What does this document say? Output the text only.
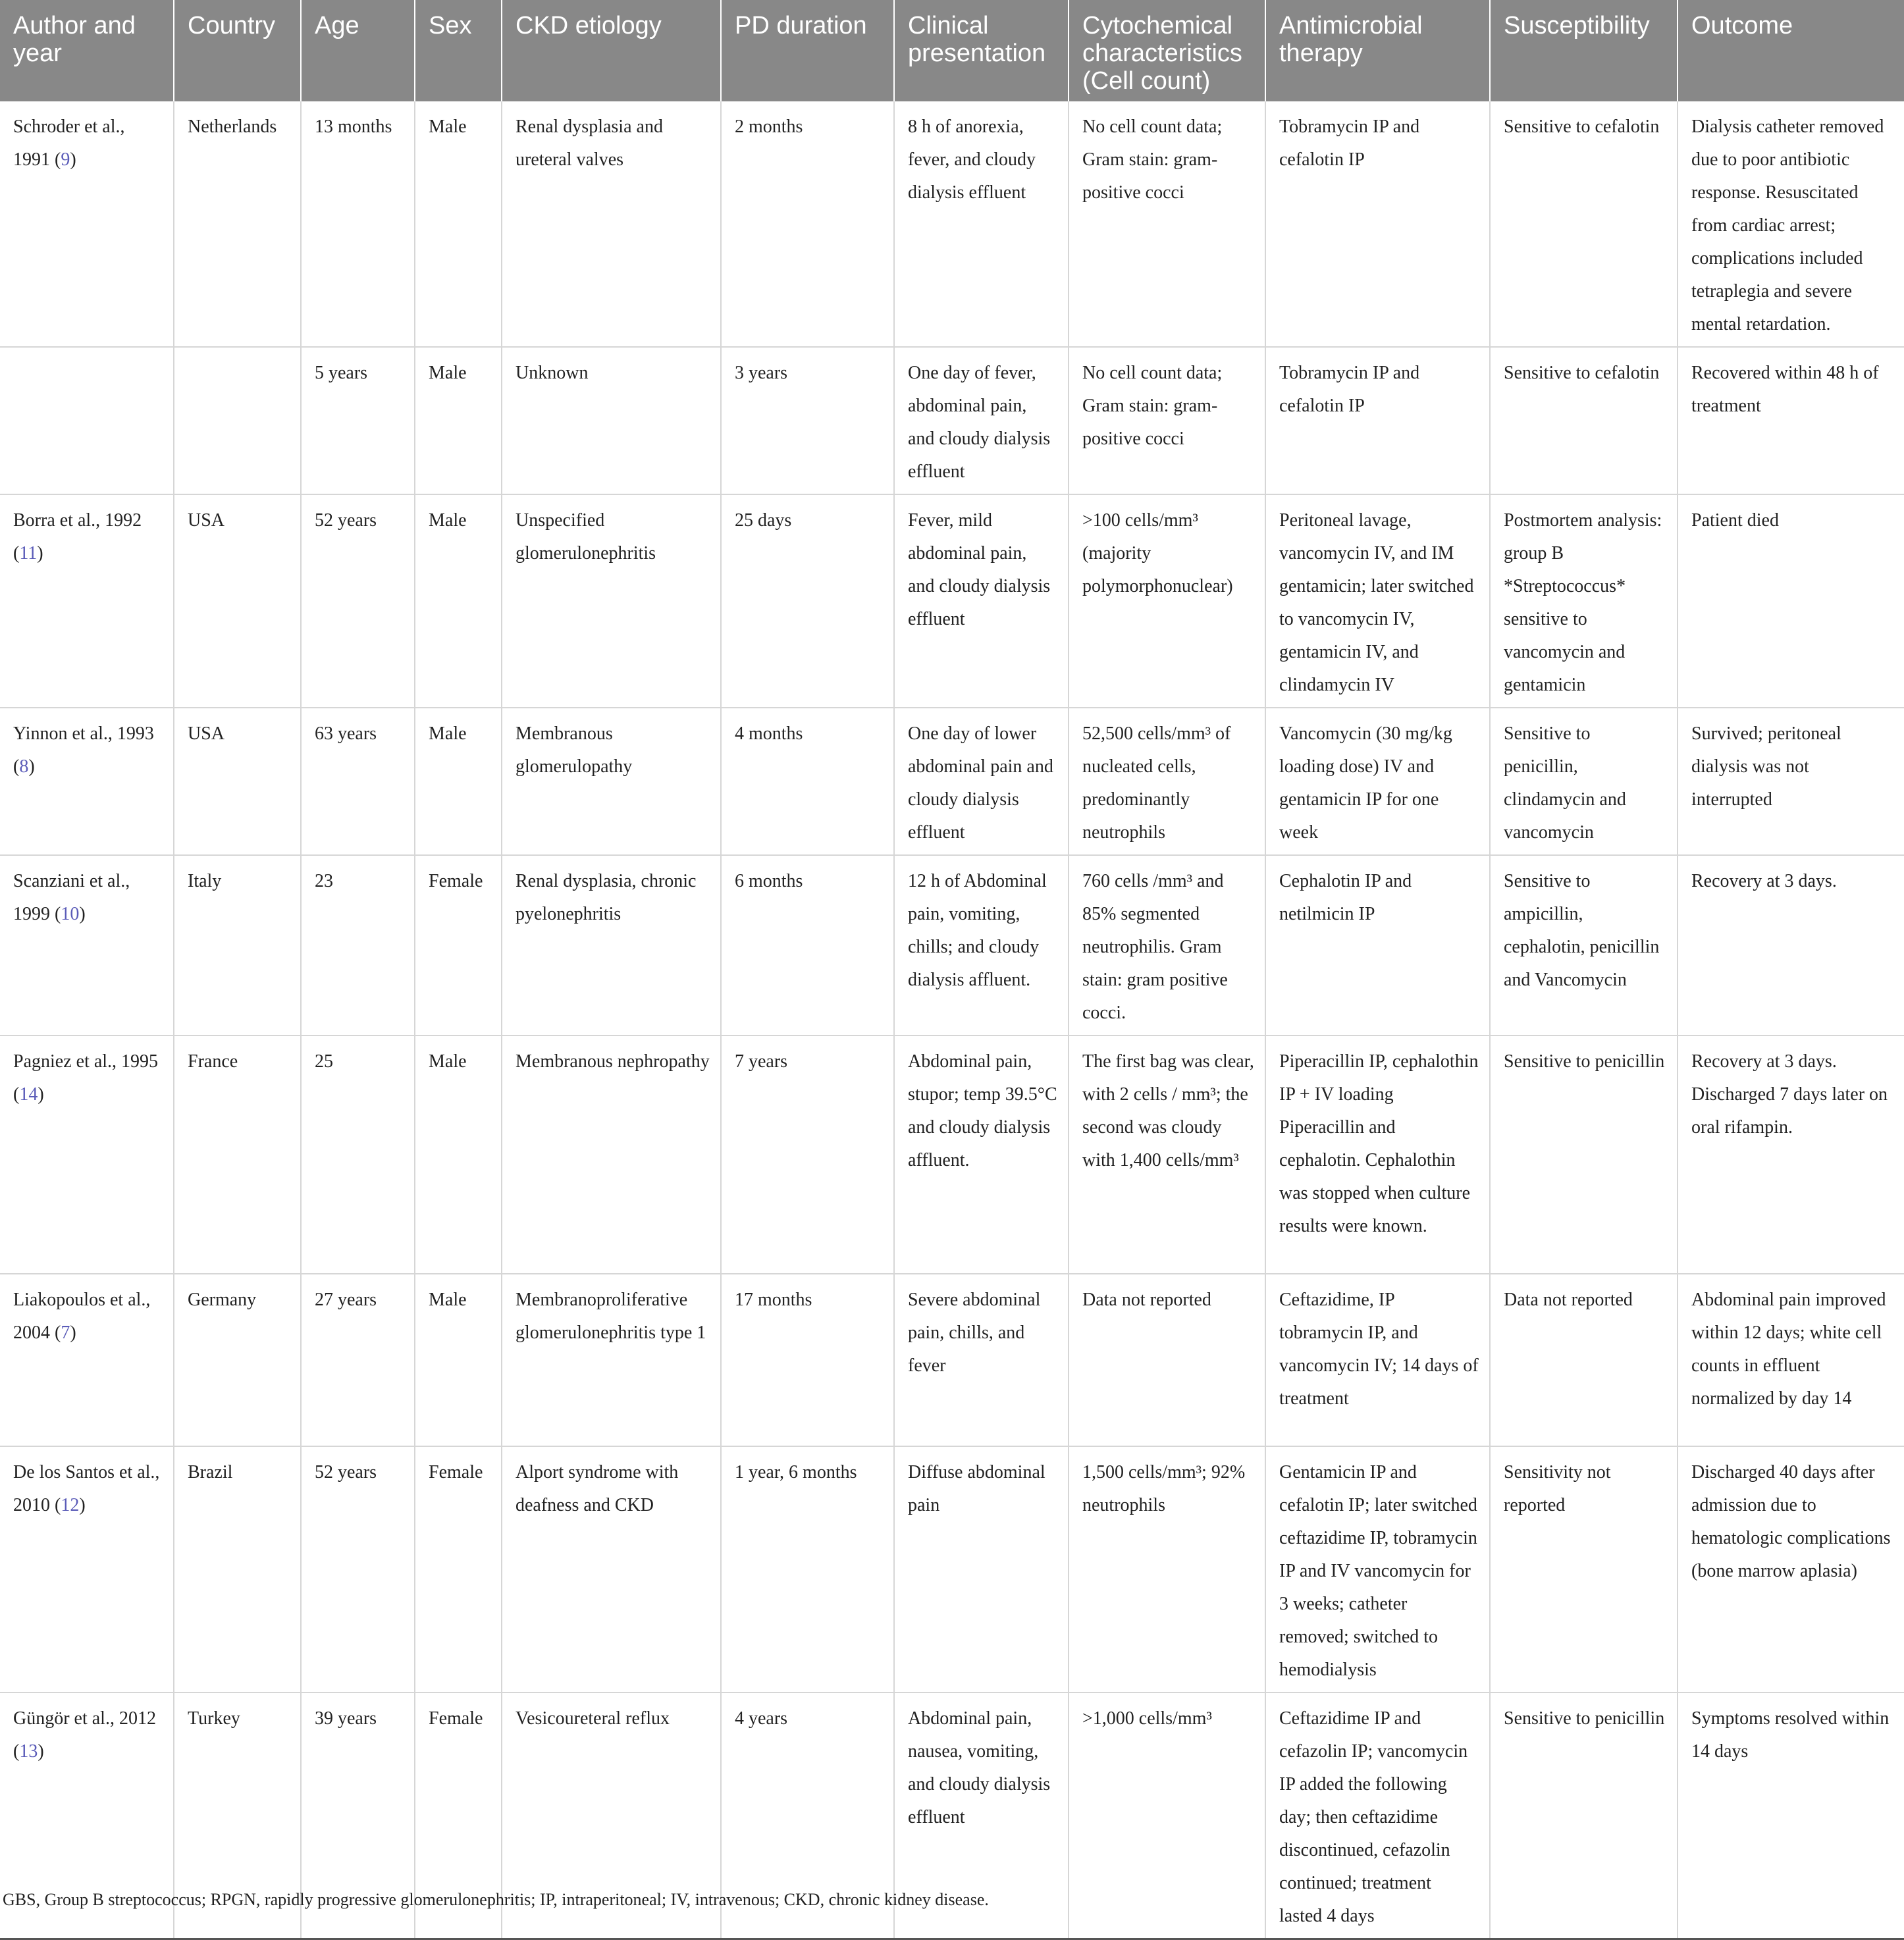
Author and year	Country	Age	Sex	CKD etiology	PD duration	Clinical presentation	Cytochemical characteristics (Cell count)	Antimicrobial therapy	Susceptibility	Outcome
Schroder et al., 1991 (9)	Netherlands	13 months	Male	Renal dysplasia and ureteral valves	2 months	8 h of anorexia, fever, and cloudy dialysis effluent	No cell count data; Gram stain: gram-positive cocci	Tobramycin IP and cefalotin IP	Sensitive to cefalotin	Dialysis catheter removed due to poor antibiotic response. Resuscitated from cardiac arrest; complications included tetraplegia and severe mental retardation.
		5 years	Male	Unknown	3 years	One day of fever, abdominal pain, and cloudy dialysis effluent	No cell count data; Gram stain: gram-positive cocci	Tobramycin IP and cefalotin IP	Sensitive to cefalotin	Recovered within 48 h of treatment
Borra et al., 1992 (11)	USA	52 years	Male	Unspecified glomerulonephritis	25 days	Fever, mild abdominal pain, and cloudy dialysis effluent	>100 cells/mm³ (majority polymorphonuclear)	Peritoneal lavage, vancomycin IV, and IM gentamicin; later switched to vancomycin IV, gentamicin IV, and clindamycin IV	Postmortem analysis: group B *Streptococcus* sensitive to vancomycin and gentamicin	Patient died
Yinnon et al., 1993 (8)	USA	63 years	Male	Membranous glomerulopathy	4 months	One day of lower abdominal pain and cloudy dialysis effluent	52,500 cells/mm³ of nucleated cells, predominantly neutrophils	Vancomycin (30 mg/kg loading dose) IV and gentamicin IP for one week	Sensitive to penicillin, clindamycin and vancomycin	Survived; peritoneal dialysis was not interrupted
Scanziani et al., 1999 (10)	Italy	23	Female	Renal dysplasia, chronic pyelonephritis	6 months	12 h of Abdominal pain, vomiting, chills; and cloudy dialysis affluent.	760 cells /mm³ and 85% segmented neutrophilis. Gram stain: gram positive cocci.	Cephalotin IP and netilmicin IP	Sensitive to ampicillin, cephalotin, penicillin and Vancomycin	Recovery at 3 days.
Pagniez et al., 1995 (14)	France	25	Male	Membranous nephropathy	7 years	Abdominal pain, stupor; temp 39.5°C and cloudy dialysis affluent.	The first bag was clear, with 2 cells / mm³; the second was cloudy with 1,400 cells/mm³	Piperacillin IP, cephalothin IP + IV loading Piperacillin and cephalotin. Cephalothin was stopped when culture results were known.	Sensitive to penicillin	Recovery at 3 days. Discharged 7 days later on oral rifampin.
Liakopoulos et al., 2004 (7)	Germany	27 years	Male	Membranoproliferative glomerulonephritis type 1	17 months	Severe abdominal pain, chills, and fever	Data not reported	Ceftazidime, IP tobramycin IP, and vancomycin IV; 14 days of treatment	Data not reported	Abdominal pain improved within 12 days; white cell counts in effluent normalized by day 14
De los Santos et al., 2010 (12)	Brazil	52 years	Female	Alport syndrome with deafness and CKD	1 year, 6 months	Diffuse abdominal pain	1,500 cells/mm³; 92% neutrophils	Gentamicin IP and cefalotin IP; later switched ceftazidime IP, tobramycin IP and IV vancomycin for 3 weeks; catheter removed; switched to hemodialysis	Sensitivity not reported	Discharged 40 days after admission due to hematologic complications (bone marrow aplasia)
Güngör et al., 2012 (13)	Turkey	39 years	Female	Vesicoureteral reflux	4 years	Abdominal pain, nausea, vomiting, and cloudy dialysis effluent	>1,000 cells/mm³	Ceftazidime IP and cefazolin IP; vancomycin IP added the following day; then ceftazidime discontinued, cefazolin continued; treatment lasted 4 days	Sensitive to penicillin	Symptoms resolved within 14 days
GBS, Group B streptococcus; RPGN, rapidly progressive glomerulonephritis; IP, intraperitoneal; IV, intravenous; CKD, chronic kidney disease.
